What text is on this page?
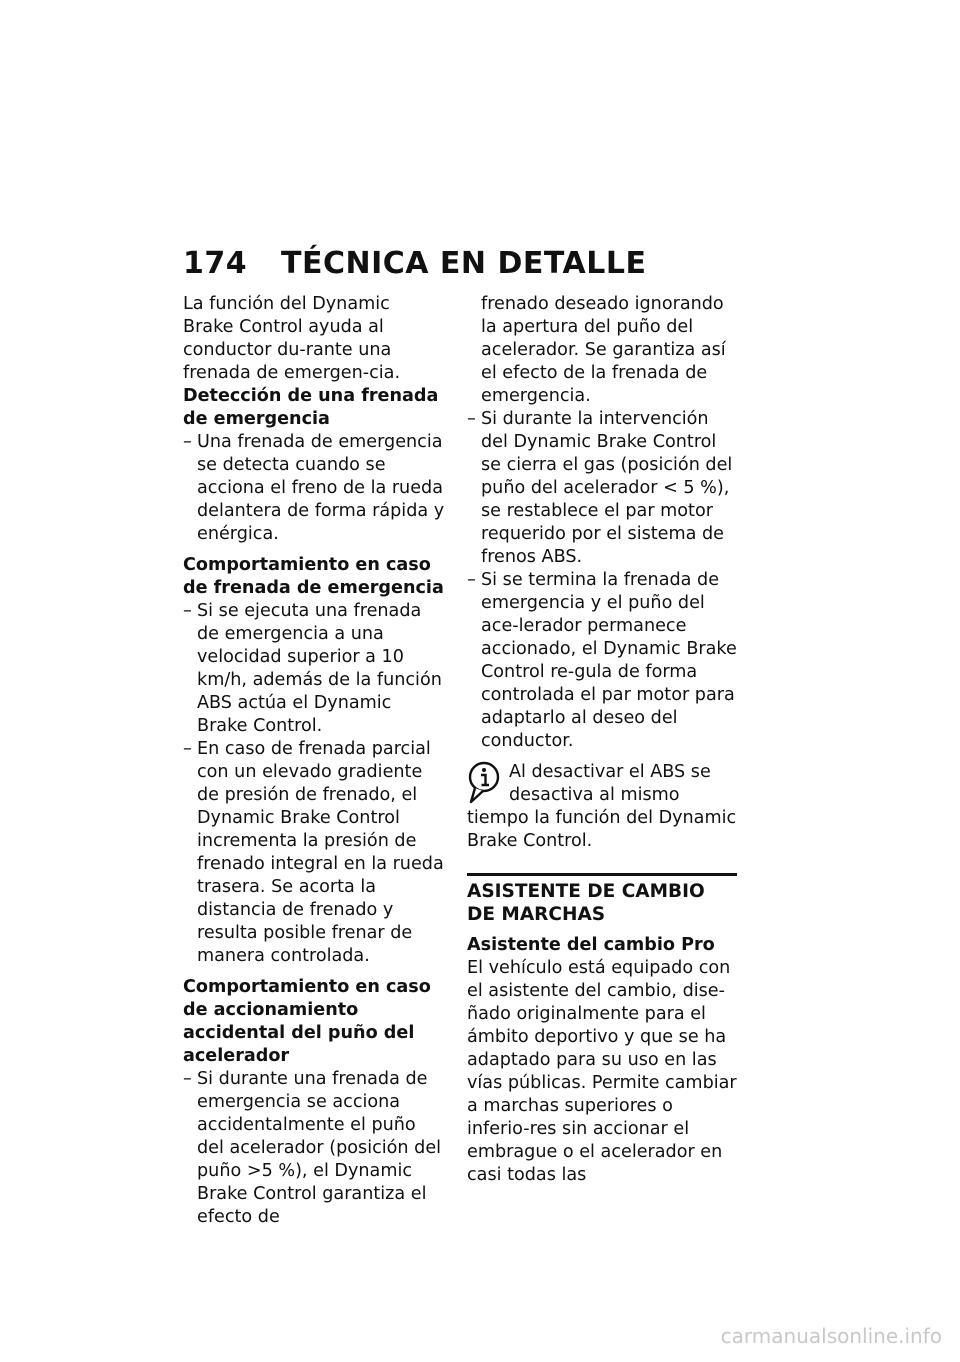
174 TÉCNICA EN DETALLE

La función del Dynamic Brake Control ayuda al conductor du-rante una frenada de emergen-cia.

Detección de una frenada de emergencia
– Una frenada de emergencia se detecta cuando se acciona el freno de la rueda delantera de forma rápida y enérgica.
Comportamiento en caso de frenada de emergencia
– Si se ejecuta una frenada de emergencia a una velocidad superior a 10 km/h, además de la función ABS actúa el Dynamic Brake Control.
– En caso de frenada parcial con un elevado gradiente de presión de frenado, el Dynamic Brake Control incrementa la presión de frenado integral en la rueda trasera. Se acorta la distancia de frenado y resulta posible frenar de manera controlada.
Comportamiento en caso de accionamiento accidental del puño del acelerador
– Si durante una frenada de emergencia se acciona accidentalmente el puño del acelerador (posición del puño >5 %), el Dynamic Brake Control garantiza el efecto de
frenado deseado ignorando la apertura del puño del acelerador. Se garantiza así el efecto de la frenada de emergencia.
– Si durante la intervención del Dynamic Brake Control se cierra el gas (posición del puño del acelerador < 5 %), se restablece el par motor requerido por el sistema de frenos ABS.
– Si se termina la frenada de emergencia y el puño del ace-lerador permanece accionado, el Dynamic Brake Control re-gula de forma controlada el par motor para adaptarlo al deseo del conductor.
Al desactivar el ABS se desactiva al mismo tiempo la función del Dynamic Brake Control.
ASISTENTE DE CAMBIO DE MARCHAS
Asistente del cambio Pro

El vehículo está equipado con el asistente del cambio, dise-ñado originalmente para el ámbito deportivo y que se ha adaptado para su uso en las vías públicas. Permite cambiar a marchas superiores o inferio-res sin accionar el embrague o el acelerador en casi todas las

carmanualsonline.info
